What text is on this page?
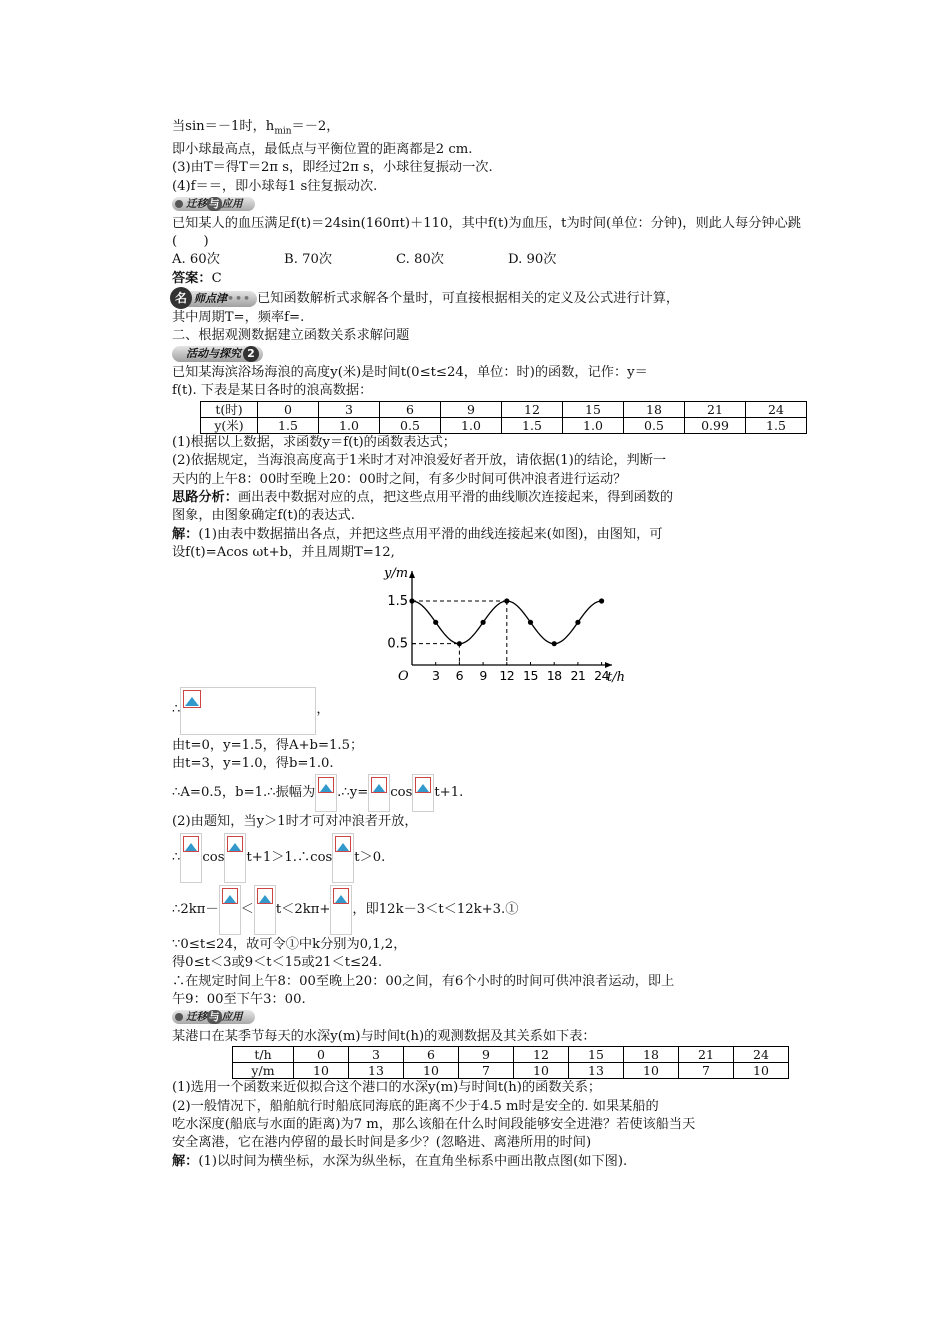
当sin＝－1时，$h_{min}=-2$，
即小球最高点，最低点与平衡位置的距离都是2 cm.
(3)由T＝得T＝2π s，即经过2π s，小球往复振动一次.
(4)f＝＝，即小球每1 s往复振动次.
迁移 与 应用
已知某人的血压满足f(t)＝24sin(160πt)＋110，其中f(t)为血压，t为时间(单位：分钟)，则此人每分钟心跳(　　)
A. 60次	B. 70次	C. 80次	D. 90次
答案：C
名 师点津••• 已知函数解析式求解各个量时，可直接根据相关的定义及公式进行计算，
其中周期T=，频率f=.
二、根据观测数据建立函数关系求解问题
活动与探究 2
已知某海滨浴场海浪的高度y(米)是时间t(0≤t≤24，单位：时)的函数，记作：y＝
f(t). 下表是某日各时的浪高数据：
t(时)	0	3	6	9	12	15	18	21	24
y(米)	1.5	1.0	0.5	1.0	1.5	1.0	0.5	0.99	1.5
(1)根据以上数据，求函数y＝f(t)的函数表达式；
(2)依据规定，当海浪高度高于1米时才对冲浪爱好者开放，请依据(1)的结论，判断一
天内的上午8：00时至晚上20：00时之间，有多少时间可供冲浪者进行运动？
思路分析：画出表中数据对应的点，把这些点用平滑的曲线顺次连接起来，得到函数的
图象，由图象确定f(t)的表达式.
解：(1)由表中数据描出各点，并把这些点用平滑的曲线连接起来(如图)，由图知，可
设f(t)=Acos ωt+b，并且周期T=12,
y/m
t/h
O
1.5
0.5
3 6 9 12 15 18 21 24
∴	，
由t=0，y=1.5，得A+b=1.5；
由t=3，y=1.0，得b=1.0.
∴A=0.5，b=1.∴振幅为 .∴y= cos t+1.
(2)由题知，当y＞1时才可对冲浪者开放，
∴ cos t+1＞1.∴cos t＞0.
∴2kπ－ ＜ t＜2kπ+ ，即12k－3＜t＜12k+3.①
∵0≤t≤24，故可令①中k分别为0,1,2，
得0≤t＜3或9＜t＜15或21＜t≤24.
∴在规定时间上午8：00至晚上20：00之间，有6个小时的时间可供冲浪者运动，即上
午9：00至下午3：00.
迁移 与 应用
某港口在某季节每天的水深y(m)与时间t(h)的观测数据及其关系如下表：
t/h	0	3	6	9	12	15	18	21	24
y/m	10	13	10	7	10	13	10	7	10
(1)选用一个函数来近似拟合这个港口的水深y(m)与时间t(h)的函数关系；
(2)一般情况下，船舶航行时船底同海底的距离不少于4.5 m时是安全的. 如果某船的
吃水深度(船底与水面的距离)为7 m，那么该船在什么时间段能够安全进港？若使该船当天
安全离港，它在港内停留的最长时间是多少？(忽略进、离港所用的时间)
解：(1)以时间为横坐标，水深为纵坐标，在直角坐标系中画出散点图(如下图).
